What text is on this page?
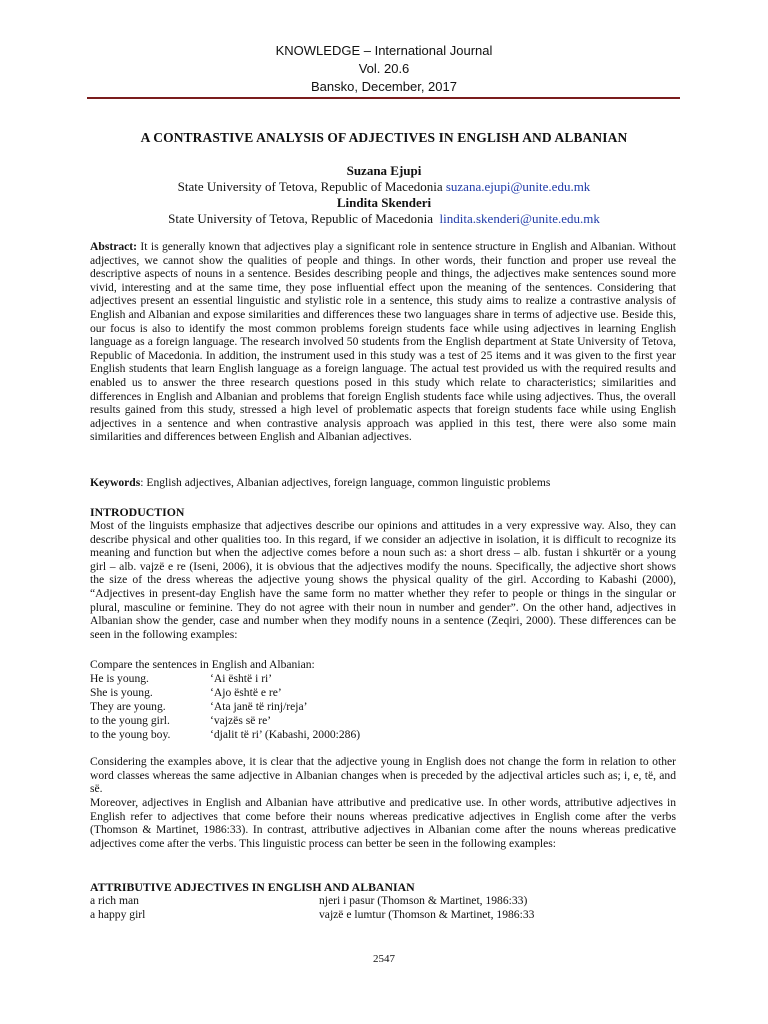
KNOWLEDGE – International Journal
Vol. 20.6
Bansko, December, 2017
A CONTRASTIVE ANALYSIS OF ADJECTIVES IN ENGLISH AND ALBANIAN
Suzana Ejupi
State University of Tetova, Republic of Macedonia suzana.ejupi@unite.edu.mk
Lindita Skenderi
State University of Tetova, Republic of Macedonia lindita.skenderi@unite.edu.mk
Abstract: It is generally known that adjectives play a significant role in sentence structure in English and Albanian. Without adjectives, we cannot show the qualities of people and things. In other words, their function and proper use reveal the descriptive aspects of nouns in a sentence. Besides describing people and things, the adjectives make sentences sound more vivid, interesting and at the same time, they pose influential effect upon the meaning of the sentences. Considering that adjectives present an essential linguistic and stylistic role in a sentence, this study aims to realize a contrastive analysis of English and Albanian and expose similarities and differences these two languages share in terms of adjective use. Beside this, our focus is also to identify the most common problems foreign students face while using adjectives in learning English language as a foreign language. The research involved 50 students from the English department at State University of Tetova, Republic of Macedonia. In addition, the instrument used in this study was a test of 25 items and it was given to the first year English students that learn English language as a foreign language. The actual test provided us with the required results and enabled us to answer the three research questions posed in this study which relate to characteristics; similarities and differences in English and Albanian and problems that foreign English students face while using adjectives. Thus, the overall results gained from this study, stressed a high level of problematic aspects that foreign students face while using English adjectives in a sentence and when contrastive analysis approach was applied in this test, there were also some main similarities and differences between English and Albanian adjectives.
Keywords: English adjectives, Albanian adjectives, foreign language, common linguistic problems
INTRODUCTION
Most of the linguists emphasize that adjectives describe our opinions and attitudes in a very expressive way. Also, they can describe physical and other qualities too. In this regard, if we consider an adjective in isolation, it is difficult to recognize its meaning and function but when the adjective comes before a noun such as: a short dress – alb. fustan i shkurtër or a young girl – alb. vajzë e re (Iseni, 2006), it is obvious that the adjectives modify the nouns. Specifically, the adjective short shows the size of the dress whereas the adjective young shows the physical quality of the girl. According to Kabashi (2000), “Adjectives in present-day English have the same form no matter whether they refer to people or things in the singular or plural, masculine or feminine. They do not agree with their noun in number and gender”. On the other hand, adjectives in Albanian show the gender, case and number when they modify nouns in a sentence (Zeqiri, 2000). These differences can be seen in the following examples:
Compare the sentences in English and Albanian:
He is young.	‘Ai është i ri’
She is young.	‘Ajo është e re’
They are young.	‘Ata janë të rinj/reja’
to the young girl.	‘vajzës së re’
to the young boy.	‘djalit të ri’ (Kabashi, 2000:286)
Considering the examples above, it is clear that the adjective young in English does not change the form in relation to other word classes whereas the same adjective in Albanian changes when is preceded by the adjectival articles such as; i, e, të, and së.
Moreover, adjectives in English and Albanian have attributive and predicative use. In other words, attributive adjectives in English refer to adjectives that come before their nouns whereas predicative adjectives in English come after the verbs (Thomson & Martinet, 1986:33). In contrast, attributive adjectives in Albanian come after the nouns whereas predicative adjectives come after the verbs. This linguistic process can better be seen in the following examples:
ATTRIBUTIVE ADJECTIVES IN ENGLISH AND ALBANIAN
a rich man	njeri i pasur (Thomson & Martinet, 1986:33)
a happy girl	vajzë e lumtur (Thomson & Martinet, 1986:33
2547
